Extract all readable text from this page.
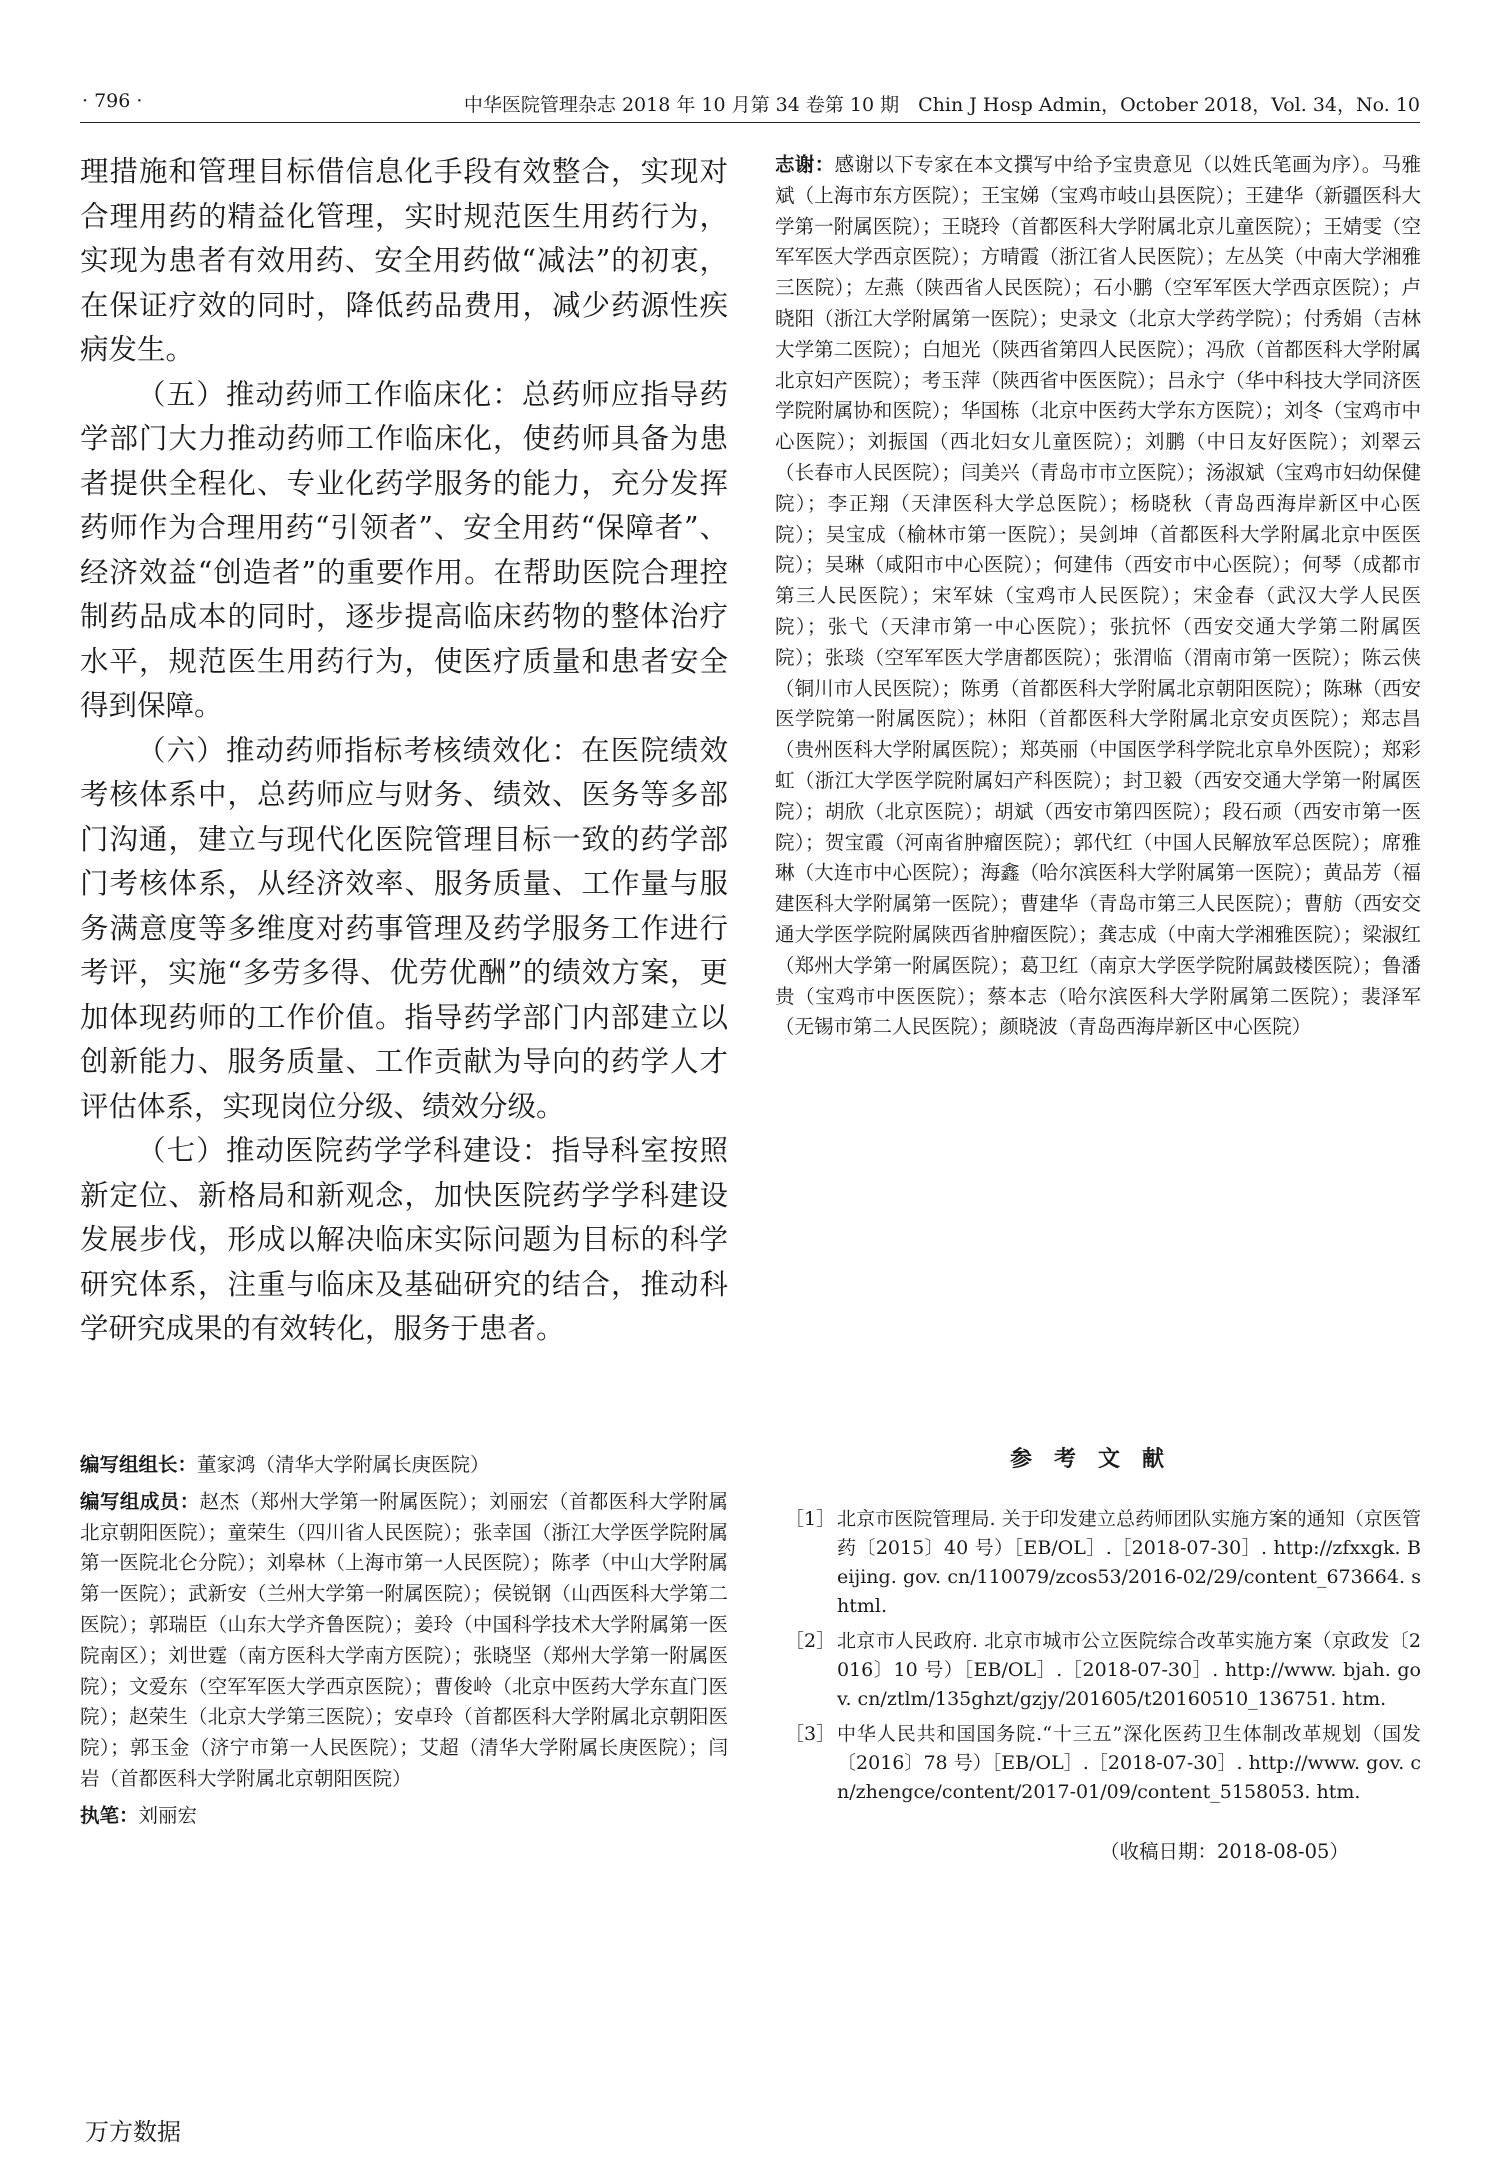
· 796 ·	中华医院管理杂志 2018 年 10 月第 34 卷第 10 期　Chin J Hosp Admin，October 2018，Vol. 34，No. 10

理措施和管理目标借信息化手段有效整合，实现对合理用药的精益化管理，实时规范医生用药行为，实现为患者有效用药、安全用药做“减法”的初衷，在保证疗效的同时，降低药品费用，减少药源性疾病发生。

（五）推动药师工作临床化：总药师应指导药学部门大力推动药师工作临床化，使药师具备为患者提供全程化、专业化药学服务的能力，充分发挥药师作为合理用药“引领者”、安全用药“保障者”、经济效益“创造者”的重要作用。在帮助医院合理控制药品成本的同时，逐步提高临床药物的整体治疗水平，规范医生用药行为，使医疗质量和患者安全得到保障。

（六）推动药师指标考核绩效化：在医院绩效考核体系中，总药师应与财务、绩效、医务等多部门沟通，建立与现代化医院管理目标一致的药学部门考核体系，从经济效率、服务质量、工作量与服务满意度等多维度对药事管理及药学服务工作进行考评，实施“多劳多得、优劳优酬”的绩效方案，更加体现药师的工作价值。指导药学部门内部建立以创新能力、服务质量、工作贡献为导向的药学人才评估体系，实现岗位分级、绩效分级。

（七）推动医院药学学科建设：指导科室按照新定位、新格局和新观念，加快医院药学学科建设发展步伐，形成以解决临床实际问题为目标的科学研究体系，注重与临床及基础研究的结合，推动科学研究成果的有效转化，服务于患者。

编写组组长：董家鸿（清华大学附属长庚医院）

编写组成员：赵杰（郑州大学第一附属医院）；刘丽宏（首都医科大学附属北京朝阳医院）；童荣生（四川省人民医院）；张幸国（浙江大学医学院附属第一医院北仑分院）；刘皋林（上海市第一人民医院）；陈孝（中山大学附属第一医院）；武新安（兰州大学第一附属医院）；侯锐钢（山西医科大学第二医院）；郭瑞臣（山东大学齐鲁医院）；姜玲（中国科学技术大学附属第一医院南区）；刘世霆（南方医科大学南方医院）；张晓坚（郑州大学第一附属医院）；文爱东（空军军医大学西京医院）；曹俊岭（北京中医药大学东直门医院）；赵荣生（北京大学第三医院）；安卓玲（首都医科大学附属北京朝阳医院）；郭玉金（济宁市第一人民医院）；艾超（清华大学附属长庚医院）；闫岩（首都医科大学附属北京朝阳医院）

执笔：刘丽宏

志谢：感谢以下专家在本文撰写中给予宝贵意见（以姓氏笔画为序）。马雅斌（上海市东方医院）；王宝娣（宝鸡市岐山县医院）；王建华（新疆医科大学第一附属医院）；王晓玲（首都医科大学附属北京儿童医院）；王婧雯（空军军医大学西京医院）；方晴霞（浙江省人民医院）；左丛笑（中南大学湘雅三医院）；左燕（陕西省人民医院）；石小鹏（空军军医大学西京医院）；卢晓阳（浙江大学附属第一医院）；史录文（北京大学药学院）；付秀娟（吉林大学第二医院）；白旭光（陕西省第四人民医院）；冯欣（首都医科大学附属北京妇产医院）；考玉萍（陕西省中医医院）；吕永宁（华中科技大学同济医学院附属协和医院）；华国栋（北京中医药大学东方医院）；刘冬（宝鸡市中心医院）；刘振国（西北妇女儿童医院）；刘鹏（中日友好医院）；刘翠云（长春市人民医院）；闫美兴（青岛市市立医院）；汤淑斌（宝鸡市妇幼保健院）；李正翔（天津医科大学总医院）；杨晓秋（青岛西海岸新区中心医院）；吴宝成（榆林市第一医院）；吴剑坤（首都医科大学附属北京中医医院）；吴琳（咸阳市中心医院）；何建伟（西安市中心医院）；何琴（成都市第三人民医院）；宋军妹（宝鸡市人民医院）；宋金春（武汉大学人民医院）；张弋（天津市第一中心医院）；张抗怀（西安交通大学第二附属医院）；张琰（空军军医大学唐都医院）；张渭临（渭南市第一医院）；陈云侠（铜川市人民医院）；陈勇（首都医科大学附属北京朝阳医院）；陈琳（西安医学院第一附属医院）；林阳（首都医科大学附属北京安贞医院）；郑志昌（贵州医科大学附属医院）；郑英丽（中国医学科学院北京阜外医院）；郑彩虹（浙江大学医学院附属妇产科医院）；封卫毅（西安交通大学第一附属医院）；胡欣（北京医院）；胡斌（西安市第四医院）；段石顽（西安市第一医院）；贺宝霞（河南省肿瘤医院）；郭代红（中国人民解放军总医院）；席雅琳（大连市中心医院）；海鑫（哈尔滨医科大学附属第一医院）；黄品芳（福建医科大学附属第一医院）；曹建华（青岛市第三人民医院）；曹舫（西安交通大学医学院附属陕西省肿瘤医院）；龚志成（中南大学湘雅医院）；梁淑红（郑州大学第一附属医院）；葛卫红（南京大学医学院附属鼓楼医院）；鲁潘贵（宝鸡市中医医院）；蔡本志（哈尔滨医科大学附属第二医院）；裴泽军（无锡市第二人民医院）；颜晓波（青岛西海岸新区中心医院）

参考文献
［1］ 北京市医院管理局. 关于印发建立总药师团队实施方案的通知（京医管药〔2015〕40 号）［EB/OL］.［2018-07-30］. http://zfxxgk. Beijing. gov. cn/110079/zcos53/2016-02/29/content_673664. shtml.
［2］ 北京市人民政府. 北京市城市公立医院综合改革实施方案（京政发〔2016〕10 号）［EB/OL］.［2018-07-30］. http://www. bjah. gov. cn/ztlm/135ghzt/gzjy/201605/t20160510_136751. htm.
［3］ 中华人民共和国国务院.“十三五”深化医药卫生体制改革规划（国发〔2016〕78 号）［EB/OL］.［2018-07-30］. http://www. gov. cn/zhengce/content/2017-01/09/content_5158053. htm.
（收稿日期：2018-08-05）
万方数据
